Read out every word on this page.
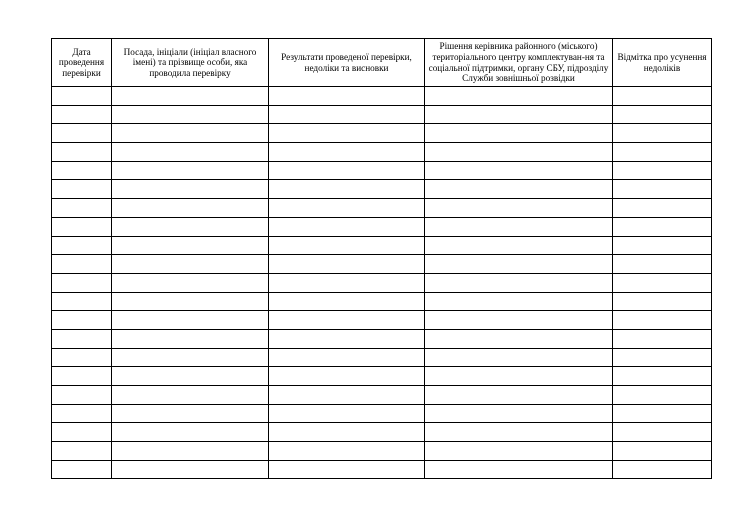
Дата проведення перевірки	Посада, ініціали (ініціал власного імені) та прізвище особи, яка проводила перевірку	Результати проведеної перевірки, недоліки та висновки	Рішення керівника районного (міського) територіального центру комплектуван-ня та соціальної підтримки, органу СБУ, підрозділу Служби зовнішньої розвідки	Відмітка про усунення недоліків
